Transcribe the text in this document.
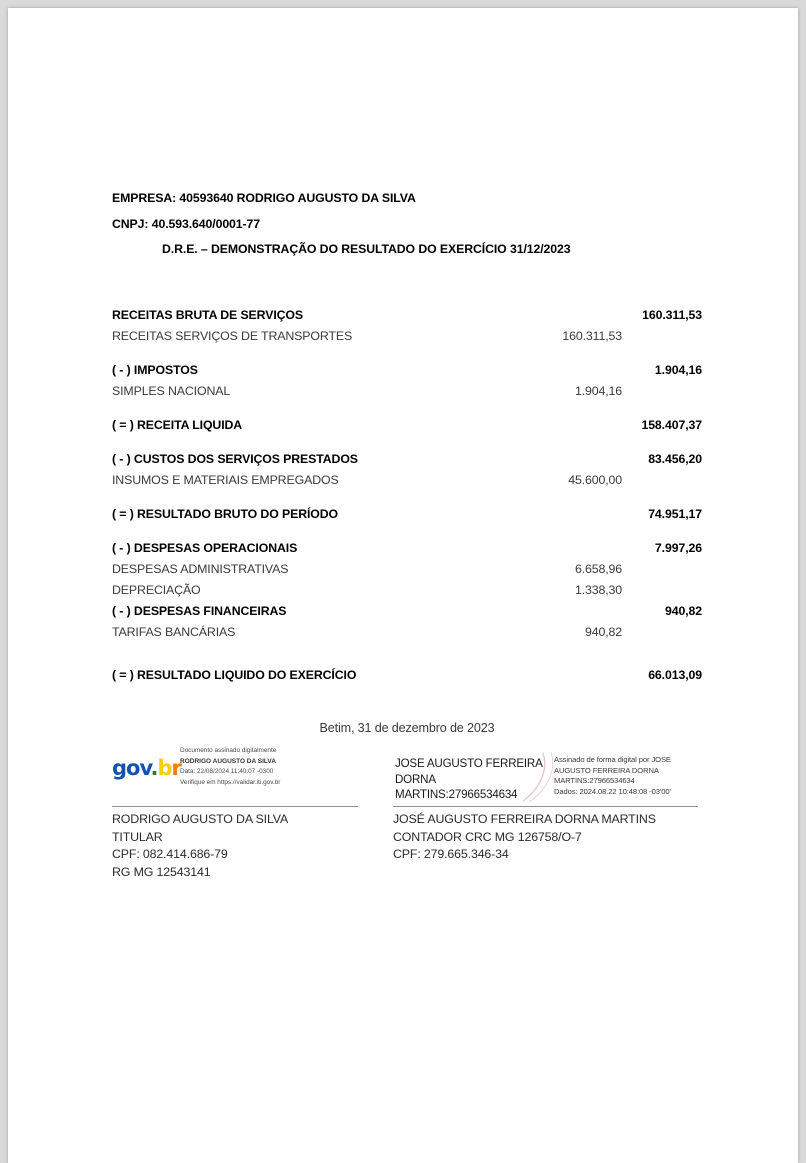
EMPRESA: 40593640 RODRIGO AUGUSTO DA SILVA
CNPJ: 40.593.640/0001-77
D.R.E. – DEMONSTRAÇÃO DO RESULTADO DO EXERCÍCIO 31/12/2023
RECEITAS BRUTA DE SERVIÇOS		160.311,53
RECEITAS SERVIÇOS DE TRANSPORTES	160.311,53	

( - ) IMPOSTOS		1.904,16
SIMPLES NACIONAL	1.904,16	

( = ) RECEITA LIQUIDA		158.407,37

( - ) CUSTOS DOS SERVIÇOS PRESTADOS		83.456,20
INSUMOS E MATERIAIS EMPREGADOS	45.600,00	

( = ) RESULTADO BRUTO DO PERÍODO		74.951,17

( - ) DESPESAS OPERACIONAIS		7.997,26
DESPESAS ADMINISTRATIVAS	6.658,96	
DEPRECIAÇÃO	1.338,30	
( - ) DESPESAS FINANCEIRAS		940,82
TARIFAS BANCÁRIAS	940,82	

( = ) RESULTADO LIQUIDO DO EXERCÍCIO		66.013,09
Betim, 31 de dezembro de 2023
gov.br
Documento assinado digitalmente
RODRIGO AUGUSTO DA SILVA
Data: 22/08/2024 11:40:07 -0300
Verifique em https://validar.iti.gov.br
JOSE AUGUSTO FERREIRA
DORNA
MARTINS:27966534634
Assinado de forma digital por JOSE
AUGUSTO FERREIRA DORNA
MARTINS:27966534634
Dados: 2024.08.22 10:48:08 -03'00'
RODRIGO AUGUSTO DA SILVA
TITULAR
CPF: 082.414.686-79
RG MG 12543141
JOSÉ AUGUSTO FERREIRA DORNA MARTINS
CONTADOR CRC MG 126758/O-7
CPF: 279.665.346-34
